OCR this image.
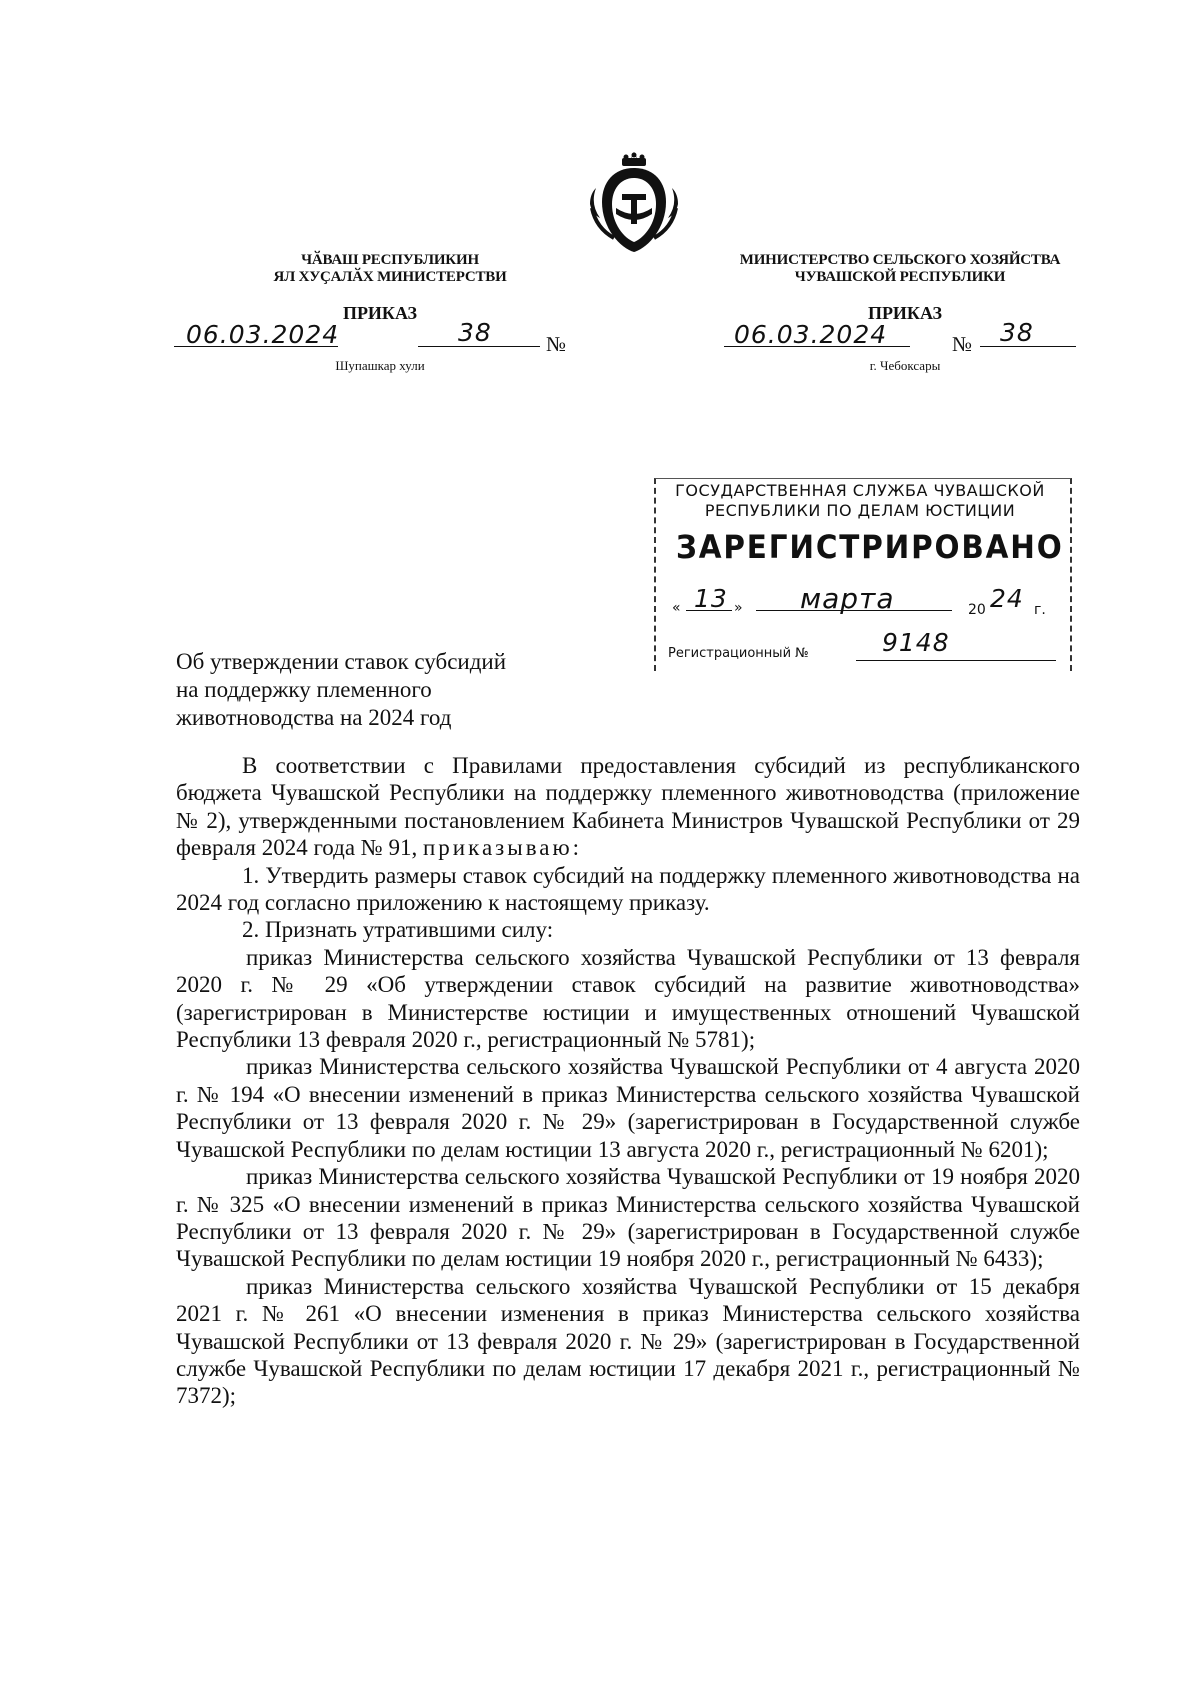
ЧӐВАШ РЕСПУБЛИКИН
ЯЛ ХУҪАЛӐХ МИНИСТЕРСТВИ
МИНИСТЕРСТВО СЕЛЬСКОГО ХОЗЯЙСТВА
ЧУВАШСКОЙ РЕСПУБЛИКИ
ПРИКАЗ	ПРИКАЗ
06.03.2024	38	№
Шупашкар хули
06.03.2024	№ 38
г. Чебоксары
ГОСУДАРСТВЕННАЯ СЛУЖБА ЧУВАШСКОЙ
РЕСПУБЛИКИ ПО ДЕЛАМ ЮСТИЦИИ
ЗАРЕГИСТРИРОВАНО
« 13 » марта	20 24 г.
Регистрационный №	9148
Об утверждении ставок субсидий
на поддержку племенного
животноводства на 2024 год

В соответствии с Правилами предоставления субсидий из республиканского бюджета Чувашской Республики на поддержку племенного животноводства (приложение № 2), утвержденными постановлением Кабинета Министров Чувашской Республики от 29 февраля 2024 года № 91, приказываю:

1. Утвердить размеры ставок субсидий на поддержку племенного животноводства на 2024 год согласно приложению к настоящему приказу.

2. Признать утратившими силу:

приказ Министерства сельского хозяйства Чувашской Республики от 13 февраля 2020 г. № 29 «Об утверждении ставок субсидий на развитие животноводства» (зарегистрирован в Министерстве юстиции и имущественных отношений Чувашской Республики 13 февраля 2020 г., регистрационный № 5781);

приказ Министерства сельского хозяйства Чувашской Республики от 4 августа 2020 г. № 194 «О внесении изменений в приказ Министерства сельского хозяйства Чувашской Республики от 13 февраля 2020 г. № 29» (зарегистрирован в Государственной службе Чувашской Республики по делам юстиции 13 августа 2020 г., регистрационный № 6201);

приказ Министерства сельского хозяйства Чувашской Республики от 19 ноября 2020 г. № 325 «О внесении изменений в приказ Министерства сельского хозяйства Чувашской Республики от 13 февраля 2020 г. № 29» (зарегистрирован в Государственной службе Чувашской Республики по делам юстиции 19 ноября 2020 г., регистрационный № 6433);

приказ Министерства сельского хозяйства Чувашской Республики от 15 декабря 2021 г. № 261 «О внесении изменения в приказ Министерства сельского хозяйства Чувашской Республики от 13 февраля 2020 г. № 29» (зарегистрирован в Государственной службе Чувашской Республики по делам юстиции 17 декабря 2021 г., регистрационный № 7372);
